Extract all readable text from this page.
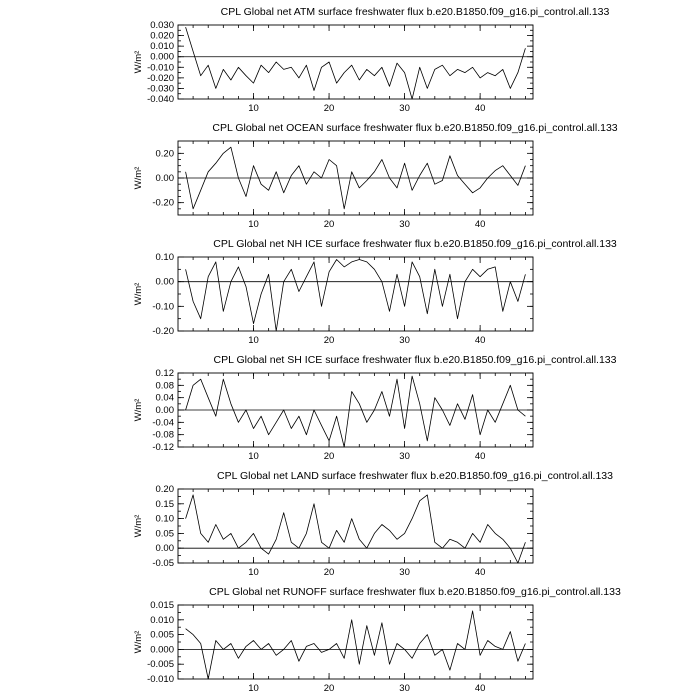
CPL Global net ATM surface freshwater flux b.e20.B1850.f09_g16.pi_control.all.133
10	20	30	40
0.030
0.020
0.010
0.000
-0.010
-0.020
-0.030
-0.040
W/m²
CPL Global net OCEAN surface freshwater flux b.e20.B1850.f09_g16.pi_control.all.133
10	20	30	40
0.20
0.00
-0.20
W/m²
CPL Global net NH ICE surface freshwater flux b.e20.B1850.f09_g16.pi_control.all.133
10	20	30	40
0.10
0.00
-0.10
-0.20
W/m²
CPL Global net SH ICE surface freshwater flux b.e20.B1850.f09_g16.pi_control.all.133
10	20	30	40
0.12
0.08
0.04
0.00
-0.04
-0.08
-0.12
W/m²
CPL Global net LAND surface freshwater flux b.e20.B1850.f09_g16.pi_control.all.133
10	20	30	40
0.20
0.15
0.10
0.05
0.00
-0.05
W/m²
CPL Global net RUNOFF surface freshwater flux b.e20.B1850.f09_g16.pi_control.all.133
10	20	30	40
0.015
0.010
0.005
0.000
-0.005
-0.010
W/m²
